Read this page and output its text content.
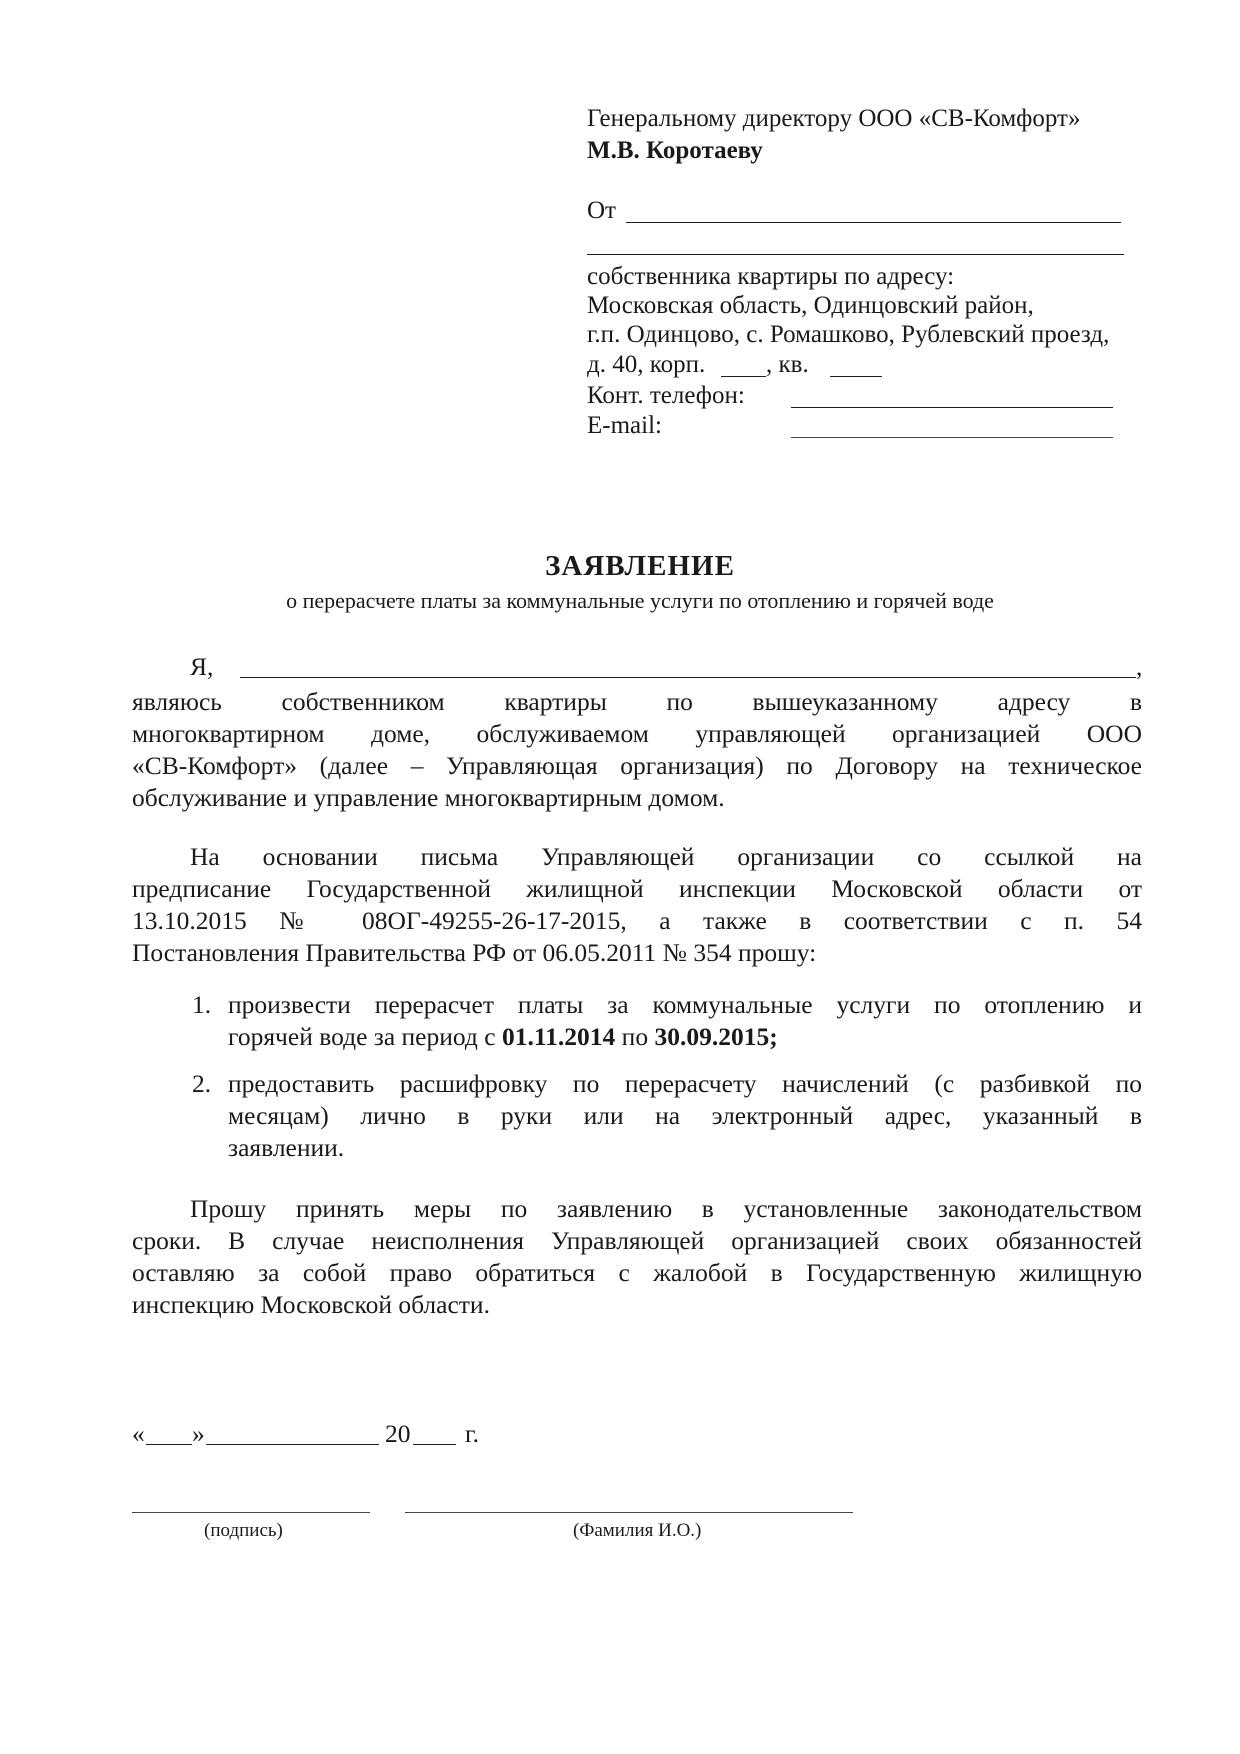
Генеральному директору ООО «СВ-Комфорт»
М.В. Коротаеву
От
собственника квартиры по адресу:
Московская область, Одинцовский район,
г.п. Одинцово, с. Ромашково, Рублевский проезд,
д. 40, корп. , кв.
Конт. телефон:
E-mail:
ЗАЯВЛЕНИЕ
о перерасчете платы за коммунальные услуги по отоплению и горячей воде
Я,	,
являюсь собственником квартиры по вышеуказанному адресу в
многоквартирном доме, обслуживаемом управляющей организацией ООО
«СВ-Комфорт» (далее – Управляющая организация) по Договору на техническое
обслуживание и управление многоквартирным домом.
На основании письма Управляющей организации со ссылкой на
предписание Государственной жилищной инспекции Московской области от
13.10.2015 № 08ОГ-49255-26-17-2015, а также в соответствии с п. 54
Постановления Правительства РФ от 06.05.2011 № 354 прошу:
1. произвести перерасчет платы за коммунальные услуги по отоплению и
горячей воде за период с 01.11.2014 по 30.09.2015;
2. предоставить расшифровку по перерасчету начислений (с разбивкой по
месяцам) лично в руки или на электронный адрес, указанный в
заявлении.
Прошу принять меры по заявлению в установленные законодательством
сроки. В случае неисполнения Управляющей организацией своих обязанностей
оставляю за собой право обратиться с жалобой в Государственную жилищную
инспекцию Московской области.
« »	20 г.
(подпись)	(Фамилия И.О.)
